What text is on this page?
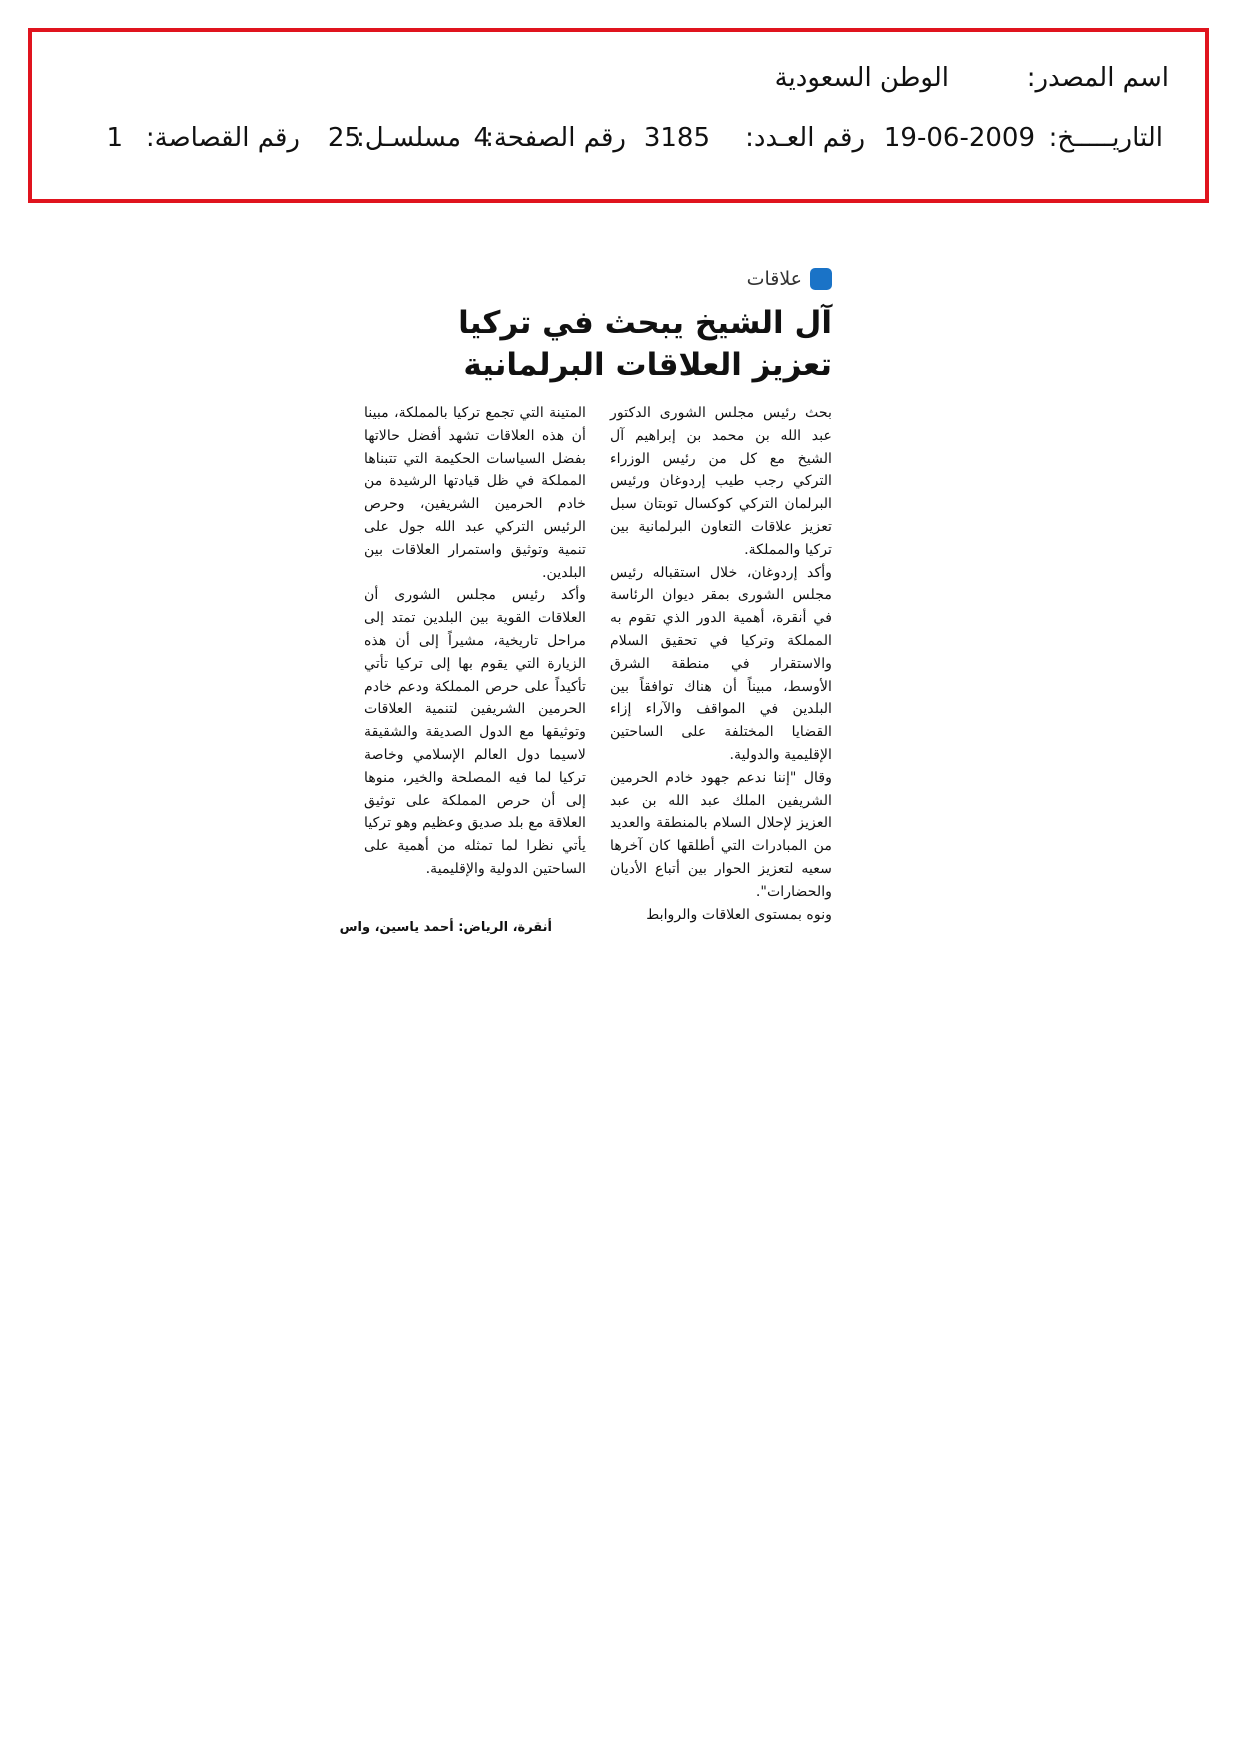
اسم المصدر:
الوطن السعودية
التاريـــــخ:
19-06-2009
رقم العـدد:
3185
رقم الصفحة:
4
مسلسـل:
25
رقم القصاصة:
1
علاقات
آل الشيخ يبحث في تركيا
تعزيز العلاقات البرلمانية

بحث رئيس مجلس الشورى الدكتور عبد الله بن محمد بن إبراهيم آل الشيخ مع كل من رئيس الوزراء التركي رجب طيب إردوغان ورئيس البرلمان التركي كوكسال توبتان سبل تعزيز علاقات التعاون البرلمانية بين تركيا والمملكة.

وأكد إردوغان، خلال استقباله رئيس مجلس الشورى بمقر ديوان الرئاسة في أنقرة، أهمية الدور الذي تقوم به المملكة وتركيا في تحقيق السلام والاستقرار في منطقة الشرق الأوسط، مبيناً أن هناك توافقاً بين البلدين في المواقف والآراء إزاء القضايا المختلفة على الساحتين الإقليمية والدولية.

وقال "إننا ندعم جهود خادم الحرمين الشريفين الملك عبد الله بن عبد العزيز لإحلال السلام بالمنطقة والعديد من المبادرات التي أطلقها كان آخرها سعيه لتعزيز الحوار بين أتباع الأديان والحضارات".

ونوه بمستوى العلاقات والروابط

المتينة التي تجمع تركيا بالمملكة، مبينا أن هذه العلاقات تشهد أفضل حالاتها بفضل السياسات الحكيمة التي تتبناها المملكة في ظل قيادتها الرشيدة من خادم الحرمين الشريفين، وحرص الرئيس التركي عبد الله جول على تنمية وتوثيق واستمرار العلاقات بين البلدين.

وأكد رئيس مجلس الشورى أن العلاقات القوية بين البلدين تمتد إلى مراحل تاريخية، مشيراً إلى أن هذه الزيارة التي يقوم بها إلى تركيا تأتي تأكيداً على حرص المملكة ودعم خادم الحرمين الشريفين لتنمية العلاقات وتوثيقها مع الدول الصديقة والشقيقة لاسيما دول العالم الإسلامي وخاصة تركيا لما فيه المصلحة والخير، منوها إلى أن حرص المملكة على توثيق العلاقة مع بلد صديق وعظيم وهو تركيا يأتي نظرا لما تمثله من أهمية على الساحتين الدولية والإقليمية.

أنقرة، الرياض: أحمد ياسين، واس
